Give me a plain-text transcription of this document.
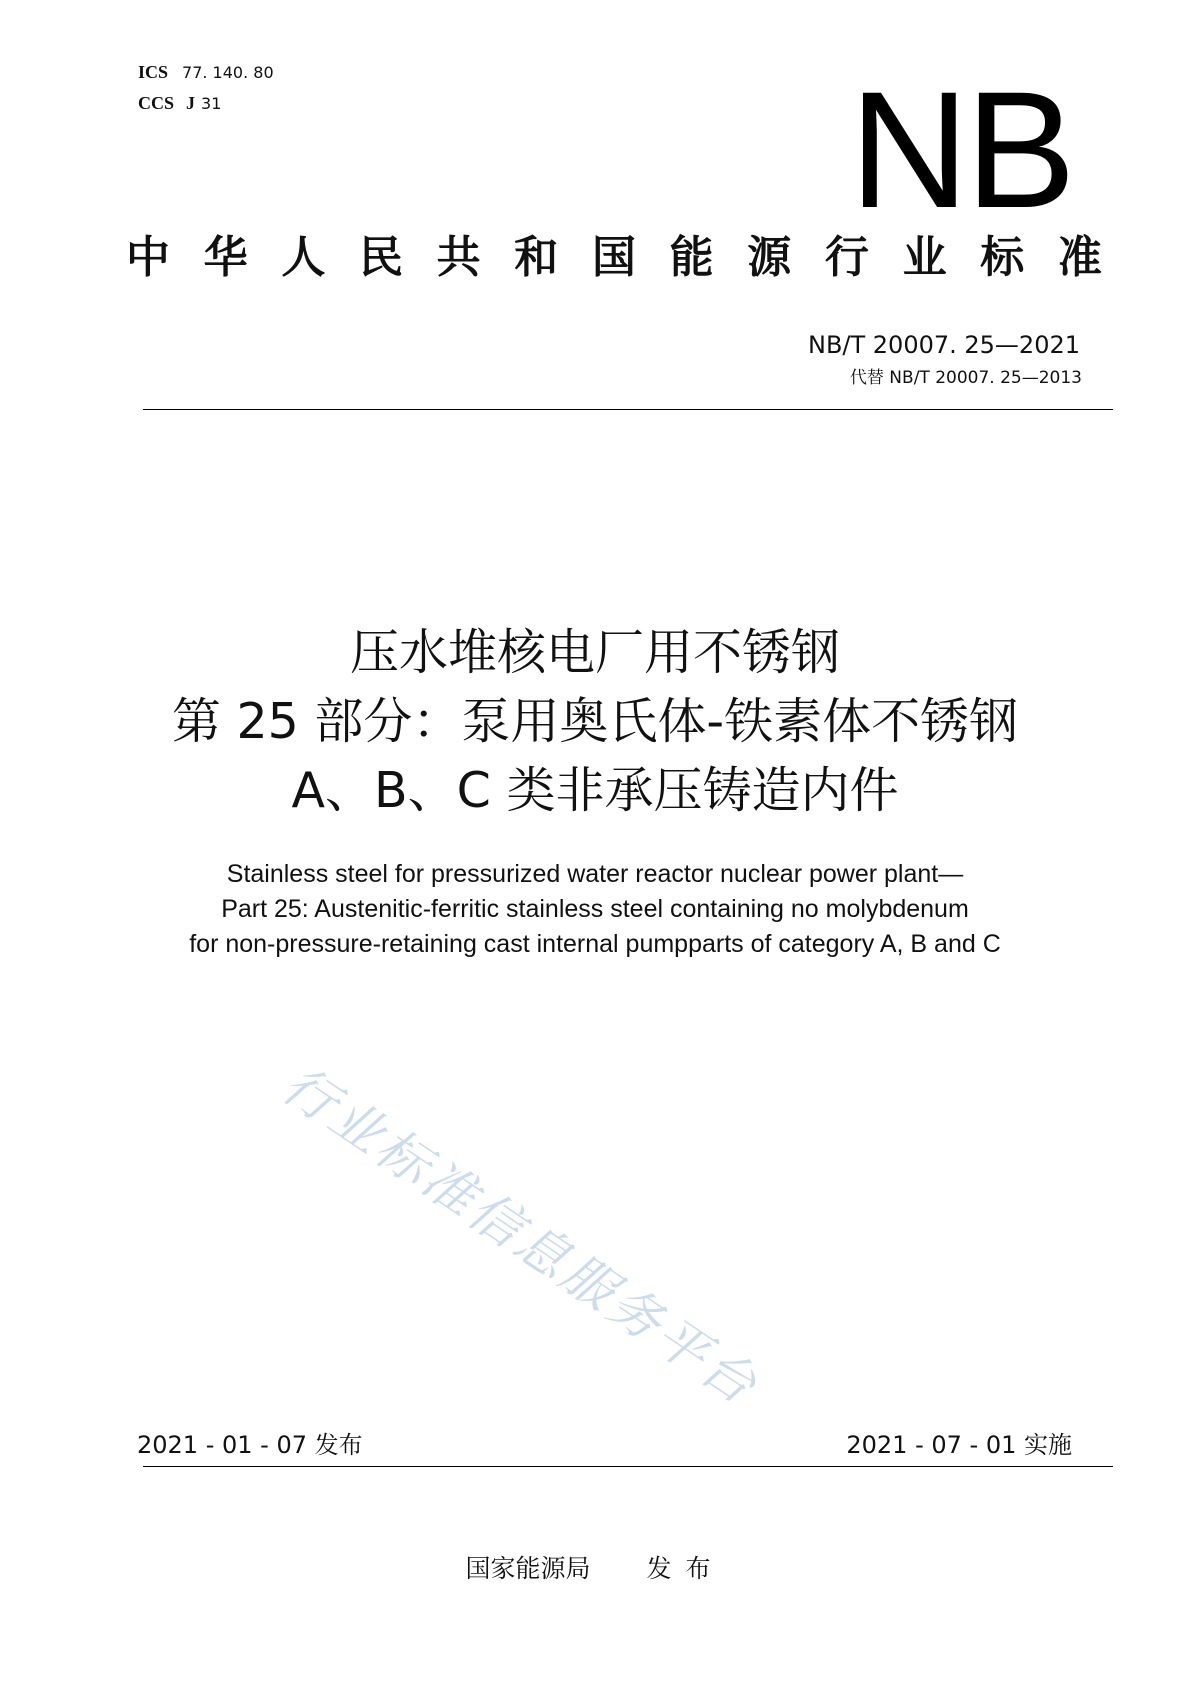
ICS 77. 140. 80
CCS J 31	NB
中 华 人 民 共 和 国 能 源 行 业 标 准
NB/T 20007. 25—2021
代替 NB/T 20007. 25—2013
压水堆核电厂用不锈钢
第 25 部分：泵用奥氏体-铁素体不锈钢
A、B、C 类非承压铸造内件
Stainless steel for pressurized water reactor nuclear power plant—
Part 25: Austenitic-ferritic stainless steel containing no molybdenum
for non-pressure-retaining cast internal pumpparts of category A, B and C
行业标准信息服务平台
2021 - 01 - 07 发布	2021 - 07 - 01 实施
国家能源局 发布
